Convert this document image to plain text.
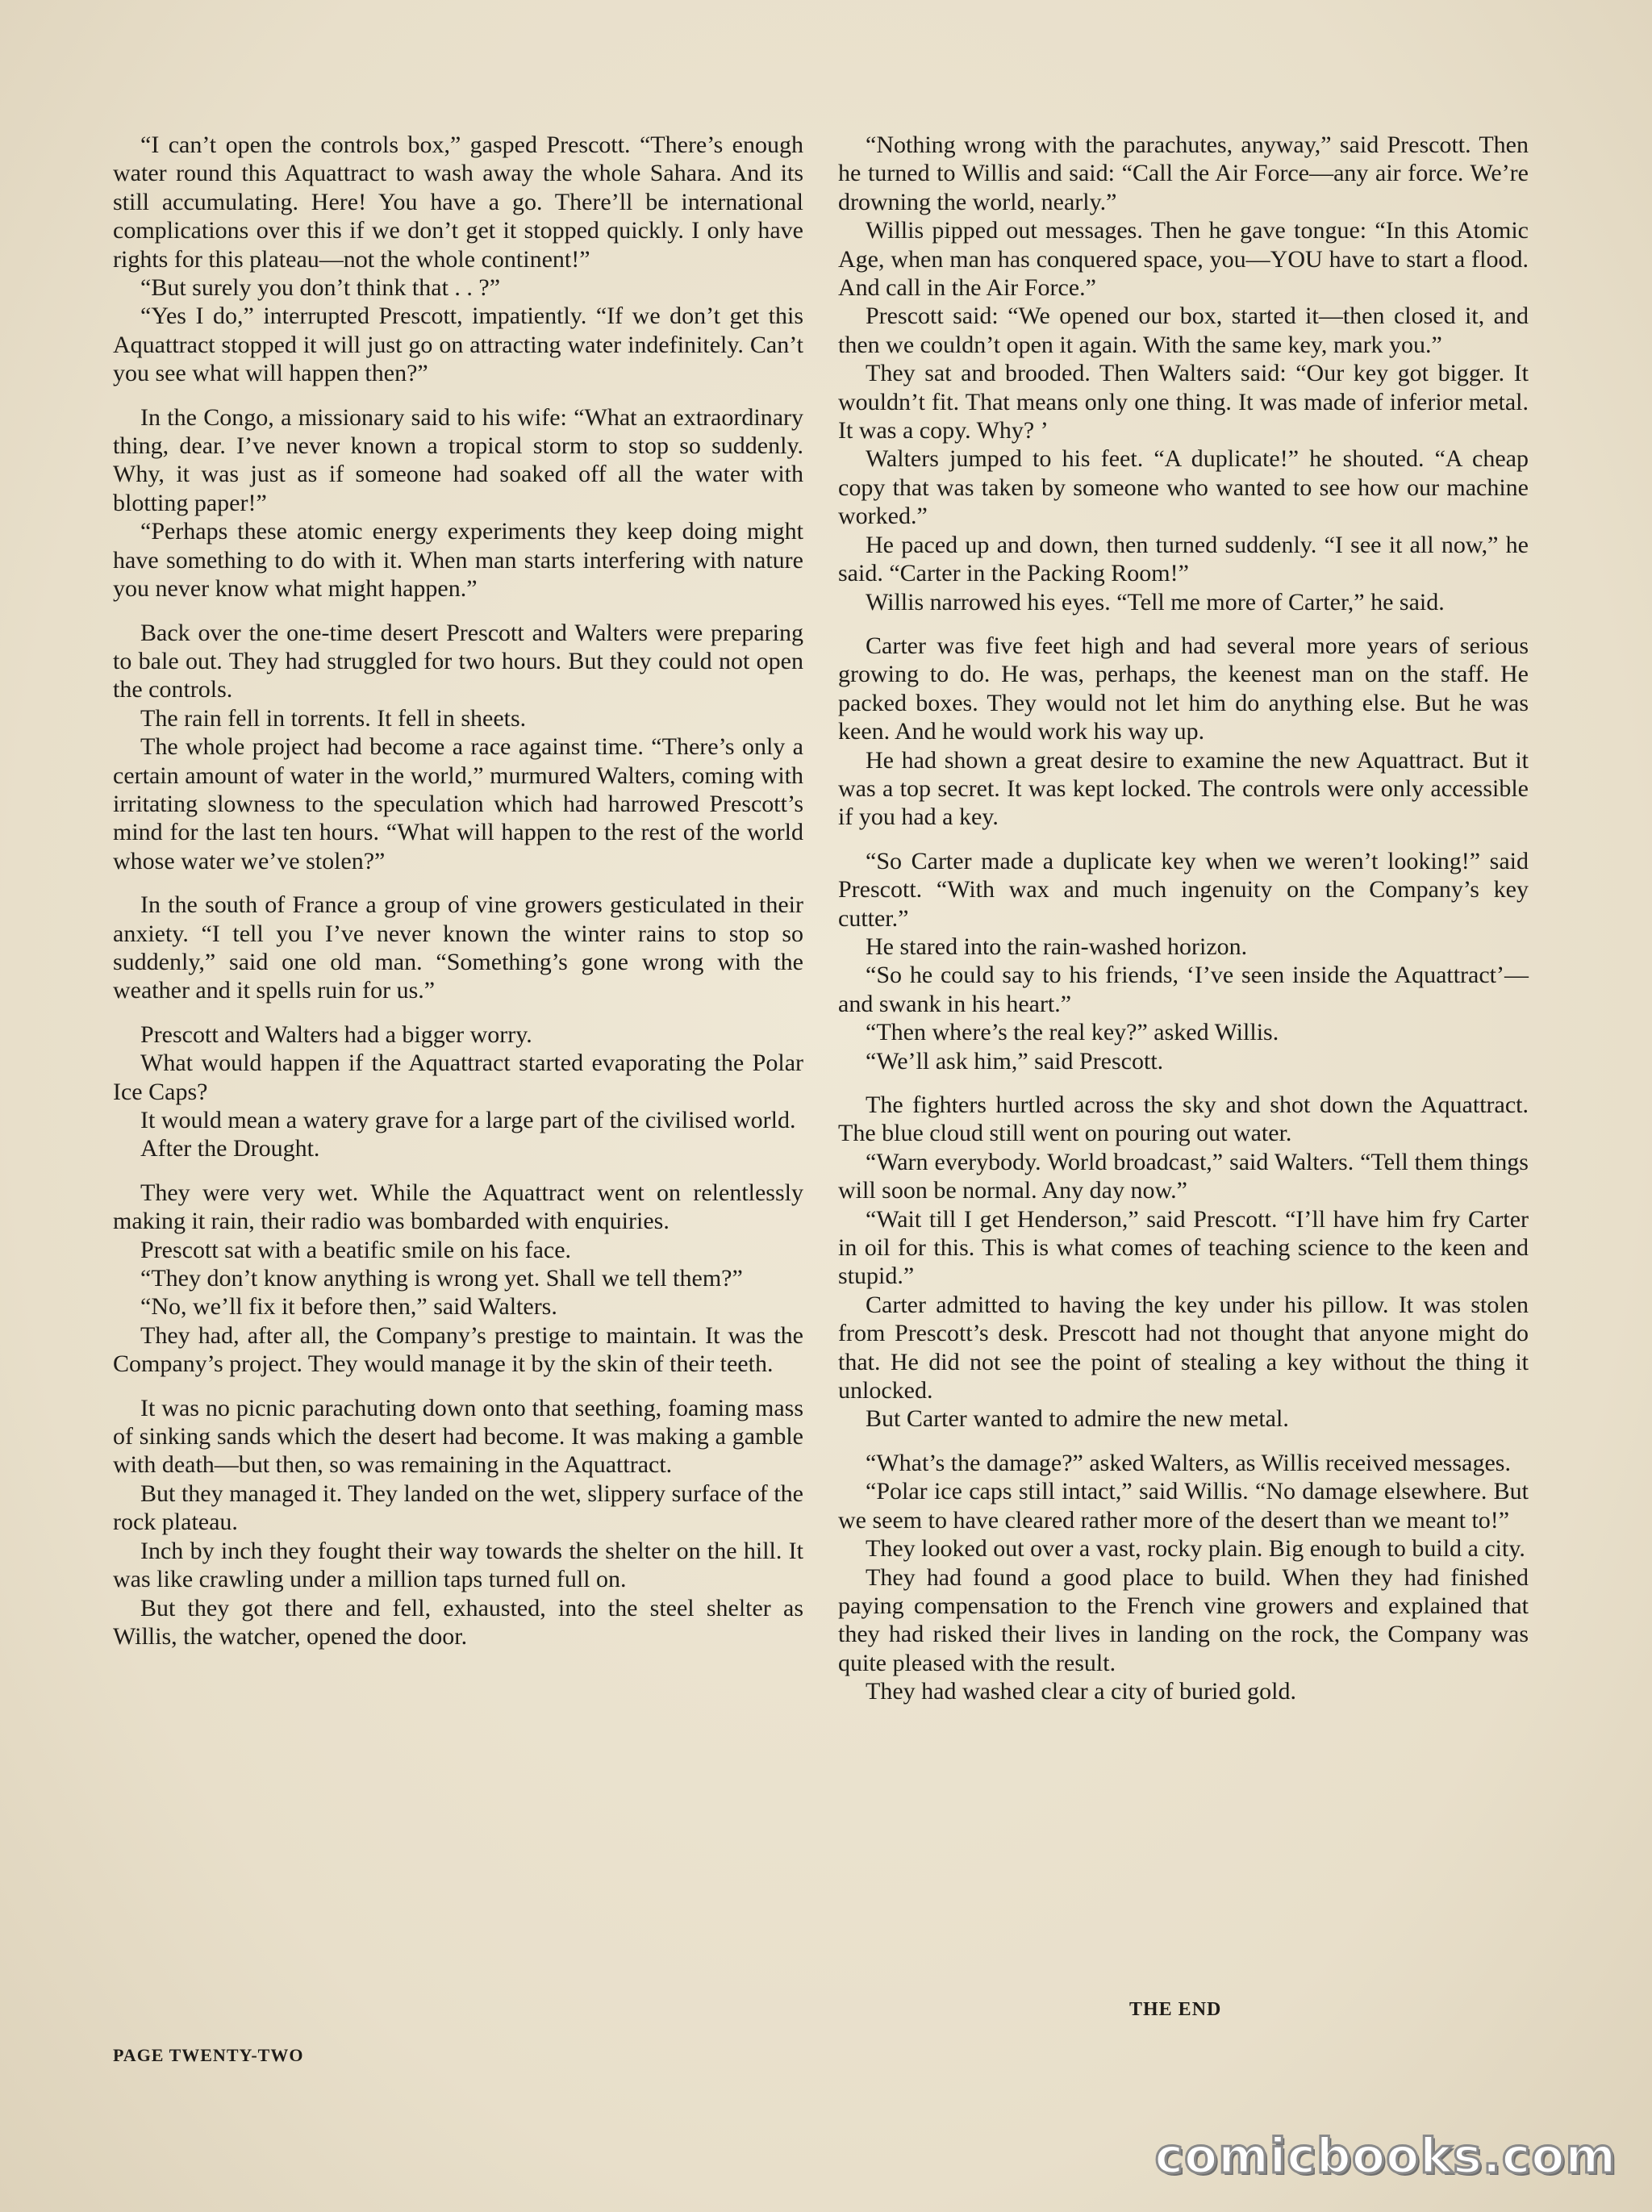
“I can’t open the controls box,” gasped Prescott. “There’s enough water round this Aquattract to wash away the whole Sahara. And its still accumulating. Here! You have a go. There’ll be international complications over this if we don’t get it stopped quickly. I only have rights for this plateau—not the whole continent!”

“But surely you don’t think that . . ?”

“Yes I do,” interrupted Prescott, impatiently. “If we don’t get this Aquattract stopped it will just go on attracting water indefinitely. Can’t you see what will happen then?”

In the Congo, a missionary said to his wife: “What an extraordinary thing, dear. I’ve never known a tropical storm to stop so suddenly. Why, it was just as if someone had soaked off all the water with blotting paper!”

“Perhaps these atomic energy experiments they keep doing might have something to do with it. When man starts interfering with nature you never know what might happen.”

Back over the one-time desert Prescott and Walters were preparing to bale out. They had struggled for two hours. But they could not open the controls.

The rain fell in torrents. It fell in sheets.

The whole project had become a race against time. “There’s only a certain amount of water in the world,” murmured Walters, coming with irritating slowness to the speculation which had harrowed Prescott’s mind for the last ten hours. “What will happen to the rest of the world whose water we’ve stolen?”

In the south of France a group of vine growers gesticulated in their anxiety. “I tell you I’ve never known the winter rains to stop so suddenly,” said one old man. “Something’s gone wrong with the weather and it spells ruin for us.”

Prescott and Walters had a bigger worry.

What would happen if the Aquattract started evaporating the Polar Ice Caps?

It would mean a watery grave for a large part of the civilised world.

After the Drought.

They were very wet. While the Aquattract went on relentlessly making it rain, their radio was bombarded with enquiries.

Prescott sat with a beatific smile on his face.

“They don’t know anything is wrong yet. Shall we tell them?”

“No, we’ll fix it before then,” said Walters.

They had, after all, the Company’s prestige to maintain. It was the Company’s project. They would manage it by the skin of their teeth.

It was no picnic parachuting down onto that seething, foaming mass of sinking sands which the desert had become. It was making a gamble with death—but then, so was remaining in the Aquattract.

But they managed it. They landed on the wet, slippery surface of the rock plateau.

Inch by inch they fought their way towards the shelter on the hill. It was like crawling under a million taps turned full on.

But they got there and fell, exhausted, into the steel shelter as Willis, the watcher, opened the door.

“Nothing wrong with the parachutes, anyway,” said Prescott. Then he turned to Willis and said: “Call the Air Force—any air force. We’re drowning the world, nearly.”

Willis pipped out messages. Then he gave tongue: “In this Atomic Age, when man has conquered space, you—YOU have to start a flood. And call in the Air Force.”

Prescott said: “We opened our box, started it—then closed it, and then we couldn’t open it again. With the same key, mark you.”

They sat and brooded. Then Walters said: “Our key got bigger. It wouldn’t fit. That means only one thing. It was made of inferior metal. It was a copy. Why? ’

Walters jumped to his feet. “A duplicate!” he shouted. “A cheap copy that was taken by someone who wanted to see how our machine worked.”

He paced up and down, then turned suddenly. “I see it all now,” he said. “Carter in the Packing Room!”

Willis narrowed his eyes. “Tell me more of Carter,” he said.

Carter was five feet high and had several more years of serious growing to do. He was, perhaps, the keenest man on the staff. He packed boxes. They would not let him do anything else. But he was keen. And he would work his way up.

He had shown a great desire to examine the new Aquattract. But it was a top secret. It was kept locked. The controls were only accessible if you had a key.

“So Carter made a duplicate key when we weren’t looking!” said Prescott. “With wax and much ingenuity on the Company’s key cutter.”

He stared into the rain-washed horizon.

“So he could say to his friends, ‘I’ve seen inside the Aquattract’—and swank in his heart.”

“Then where’s the real key?” asked Willis.

“We’ll ask him,” said Prescott.

The fighters hurtled across the sky and shot down the Aquattract. The blue cloud still went on pouring out water.

“Warn everybody. World broadcast,” said Walters. “Tell them things will soon be normal. Any day now.”

“Wait till I get Henderson,” said Prescott. “I’ll have him fry Carter in oil for this. This is what comes of teaching science to the keen and stupid.”

Carter admitted to having the key under his pillow. It was stolen from Prescott’s desk. Prescott had not thought that anyone might do that. He did not see the point of stealing a key without the thing it unlocked.

But Carter wanted to admire the new metal.

“What’s the damage?” asked Walters, as Willis received messages.

“Polar ice caps still intact,” said Willis. “No damage elsewhere. But we seem to have cleared rather more of the desert than we meant to!”

They looked out over a vast, rocky plain. Big enough to build a city.

They had found a good place to build. When they had finished paying compensation to the French vine growers and explained that they had risked their lives in landing on the rock, the Company was quite pleased with the result.

They had washed clear a city of buried gold.

THE END
PAGE TWENTY-TWO
comicbooks.com
